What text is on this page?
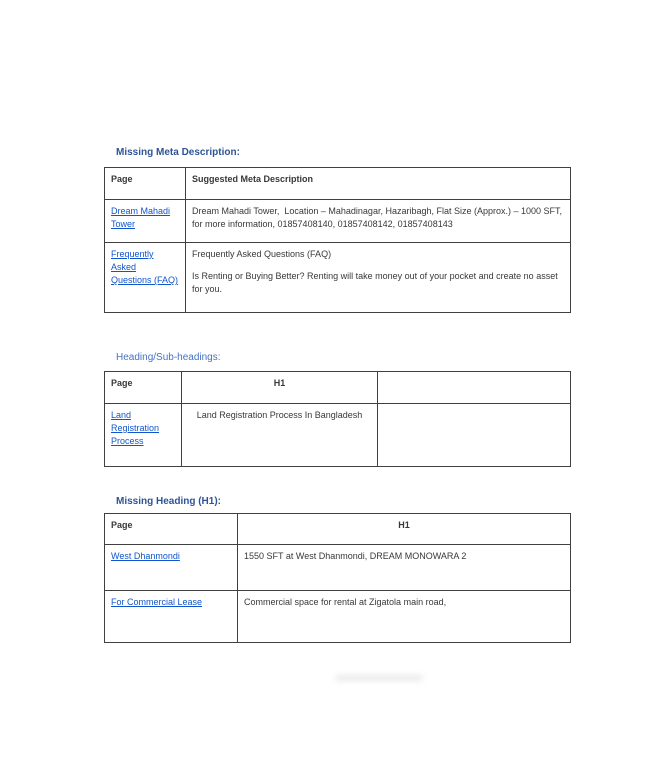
Missing Meta Description:
Page	Suggested Meta Description
Dream Mahadi Tower	Dream Mahadi Tower,  Location – Mahadinagar, Hazaribagh, Flat Size (Approx.) – 1000 SFT, for more information, 01857408140, 01857408142, 01857408143

Frequently Asked Questions (FAQ)	Frequently Asked Questions (FAQ)
Is Renting or Buying Better? Renting will take money out of your pocket and create no asset for you.
Heading/Sub-headings:
Page	H1	
Land Registration Process	Land Registration Process In Bangladesh	

Missing Heading (H1):
Page	H1
West Dhanmondi	1550 SFT at West Dhanmondi, DREAM MONOWARA 2

For Commercial Lease	Commercial space for rental at Zigatola main road,
